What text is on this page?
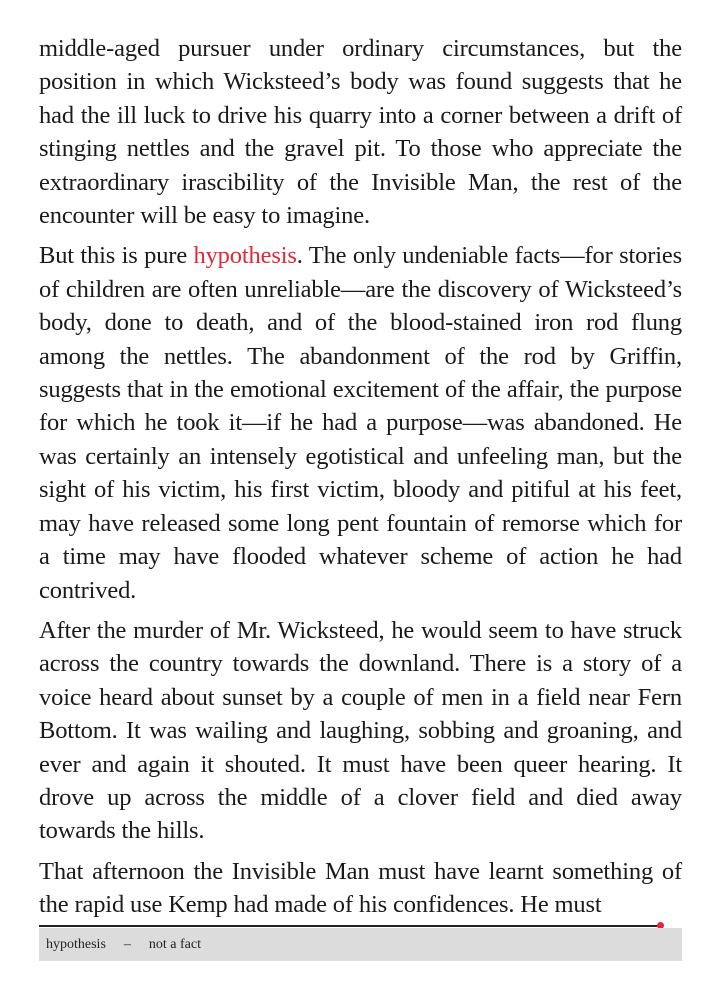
middle-aged pursuer under ordinary circumstances, but the position in which Wicksteed’s body was found suggests that he had the ill luck to drive his quarry into a corner between a drift of stinging nettles and the gravel pit. To those who appreciate the extraordinary irascibility of the Invisible Man, the rest of the encounter will be easy to imagine.

But this is pure hypothesis. The only undeniable facts—for stories of children are often unreliable—are the discovery of Wicksteed’s body, done to death, and of the blood-stained iron rod flung among the nettles. The abandonment of the rod by Griffin, suggests that in the emotional excitement of the affair, the purpose for which he took it—if he had a purpose—was abandoned. He was certainly an intensely egotistical and unfeeling man, but the sight of his victim, his first victim, bloody and pitiful at his feet, may have released some long pent fountain of remorse which for a time may have flooded whatever scheme of action he had contrived.

After the murder of Mr. Wicksteed, he would seem to have struck across the country towards the downland. There is a story of a voice heard about sunset by a couple of men in a field near Fern Bottom. It was wailing and laughing, sobbing and groaning, and ever and again it shouted. It must have been queer hearing. It drove up across the middle of a clover field and died away towards the hills.

That afternoon the Invisible Man must have learnt something of the rapid use Kemp had made of his confidences. He must

hypothesis – not a fact
